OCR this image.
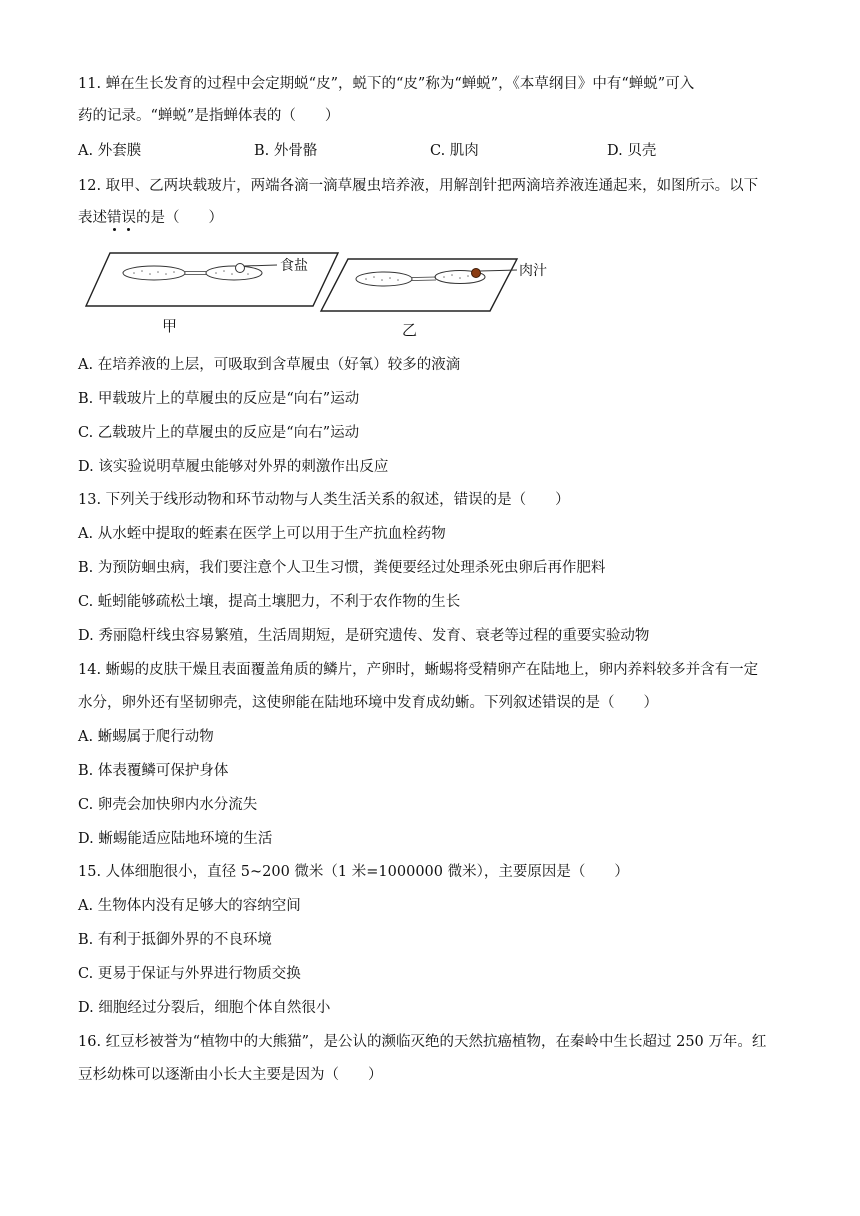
11. 蝉在生长发育的过程中会定期蜕“皮”，蜕下的“皮”称为“蝉蜕”，《本草纲目》中有“蝉蜕”可入
药的记录。“蝉蜕”是指蝉体表的（　　）
A. 外套膜	B. 外骨骼	C. 肌肉	D. 贝壳
12. 取甲、乙两块载玻片，两端各滴一滴草履虫培养液，用解剖针把两滴培养液连通起来，如图所示。以下
表述错误的是（　　）
食盐
甲
肉汁
乙
A. 在培养液的上层，可吸取到含草履虫（好氧）较多的液滴
B. 甲载玻片上的草履虫的反应是“向右”运动
C. 乙载玻片上的草履虫的反应是“向右”运动
D. 该实验说明草履虫能够对外界的刺激作出反应
13. 下列关于线形动物和环节动物与人类生活关系的叙述，错误的是（　　）
A. 从水蛭中提取的蛭素在医学上可以用于生产抗血栓药物
B. 为预防蛔虫病，我们要注意个人卫生习惯，粪便要经过处理杀死虫卵后再作肥料
C. 蚯蚓能够疏松土壤，提高土壤肥力，不利于农作物的生长
D. 秀丽隐杆线虫容易繁殖，生活周期短，是研究遗传、发育、衰老等过程的重要实验动物
14. 蜥蜴的皮肤干燥且表面覆盖角质的鳞片，产卵时，蜥蜴将受精卵产在陆地上，卵内养料较多并含有一定
水分，卵外还有坚韧卵壳，这使卵能在陆地环境中发育成幼蜥。下列叙述错误的是（　　）
A. 蜥蜴属于爬行动物
B. 体表覆鳞可保护身体
C. 卵壳会加快卵内水分流失
D. 蜥蜴能适应陆地环境的生活
15. 人体细胞很小，直径 5~200 微米（1 米=1000000 微米），主要原因是（　　）
A. 生物体内没有足够大的容纳空间
B. 有利于抵御外界的不良环境
C. 更易于保证与外界进行物质交换
D. 细胞经过分裂后，细胞个体自然很小
16. 红豆杉被誉为“植物中的大熊猫”，是公认的濒临灭绝的天然抗癌植物，在秦岭中生长超过 250 万年。红
豆杉幼株可以逐渐由小长大主要是因为（　　）
